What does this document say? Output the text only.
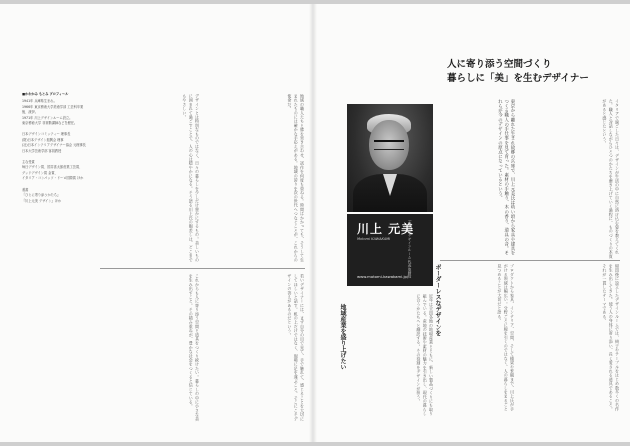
■かわかみ もとみ プロフィール
1941年 兵庫県生まれ。
1966年 東京藝術大学美術学部 工芸科卒業後、渡伊。
1971年 川上デザインルーム設立。
東京藝術大学 非常勤講師などを歴任。
日本デザインコミッティー 理事長
(財)日本デザイン振興会 理事
(社)日本インテリアデザイナー協会 元理事長
日本大学芸術学部 客員教授
主な受賞
毎日デザイン賞、国井喜太郎産業工芸賞、
グッドデザイン賞 金賞、
イタリア・コンパッソ・ドーロ国際賞 ほか
著書
『ひとに寄り添うかたち』
『川上元美 デザイン』ほか	デザインとは特別なものではなく、日々の暮らしを少しだけ豊かにするもの。美しいものに囲まれて過ごすことで、人の心は穏やかになる。そう語る川上氏の眼差しは、どこまでもやさしい。	地域の職人たちと膝を突き合わせ、試作を何度も重ねる。時間はかかっても、そうして生まれたものには確かな手応えがある。地域の誇りを次の世代へつなぐことが、これからの使命だ。
これからも人に寄り添う空間と道具をつくり続けたい。暮らしの中に小さな美を生み出すこと。その積み重ねが、豊かな社会をつくると信じている。	若いデザイナーには、まず自分の目で見て、手で触れて、感じることを大切にしてほしいと話す。机の上だけではなく、現場に足を運ぶこと。そこにこそデザインの答えがあるのだという。
人に寄り添う空間づくり
暮らしに「美」を生むデザイナー
川上 元美
Motomi KAWAKAMI	(有)川上デザインルーム 代表取締役
www.motomi-kawakami.jp/
東京から離れた生まれ故郷の兵庫で、川上元美氏は幼い頃から家具や建具をつくる職人の手仕事を見て育った。素材の手触り、木の香り、道具の音。それらが今のデザインの原点になっているという。
ボーダーレスなデザインを	プロダクトから家具、インテリア、空間、そして橋梁や景観まで、川上氏が手がける領域は幅広い。分野ごとに線を引くのではなく、人の暮らしをまるごと見つめることが大切だと語る。
イタリアで過ごした日々は、デザインが生活の中に自然に溶け込む姿を教えてくれた。職人と対話しながらひとつのかたちを磨き上げていく過程に、ものづくりの本質があると感じたという。
帰国後に設立したデザインルームでは、椅子やテーブルをはじめ数多くの名作を生み出してきた。使う人の身体に寄り添い、長く愛される道具であること。それが一貫したテーマである。
地域産業を盛り上げたい	近年は全国各地の地場産業とともに、新しい製品づくりにも取り組んでいる。産地の技術や素材の魅力を引き出し、現代の暮らしに合うかたちへと翻訳する。その役割をデザインが担う。
